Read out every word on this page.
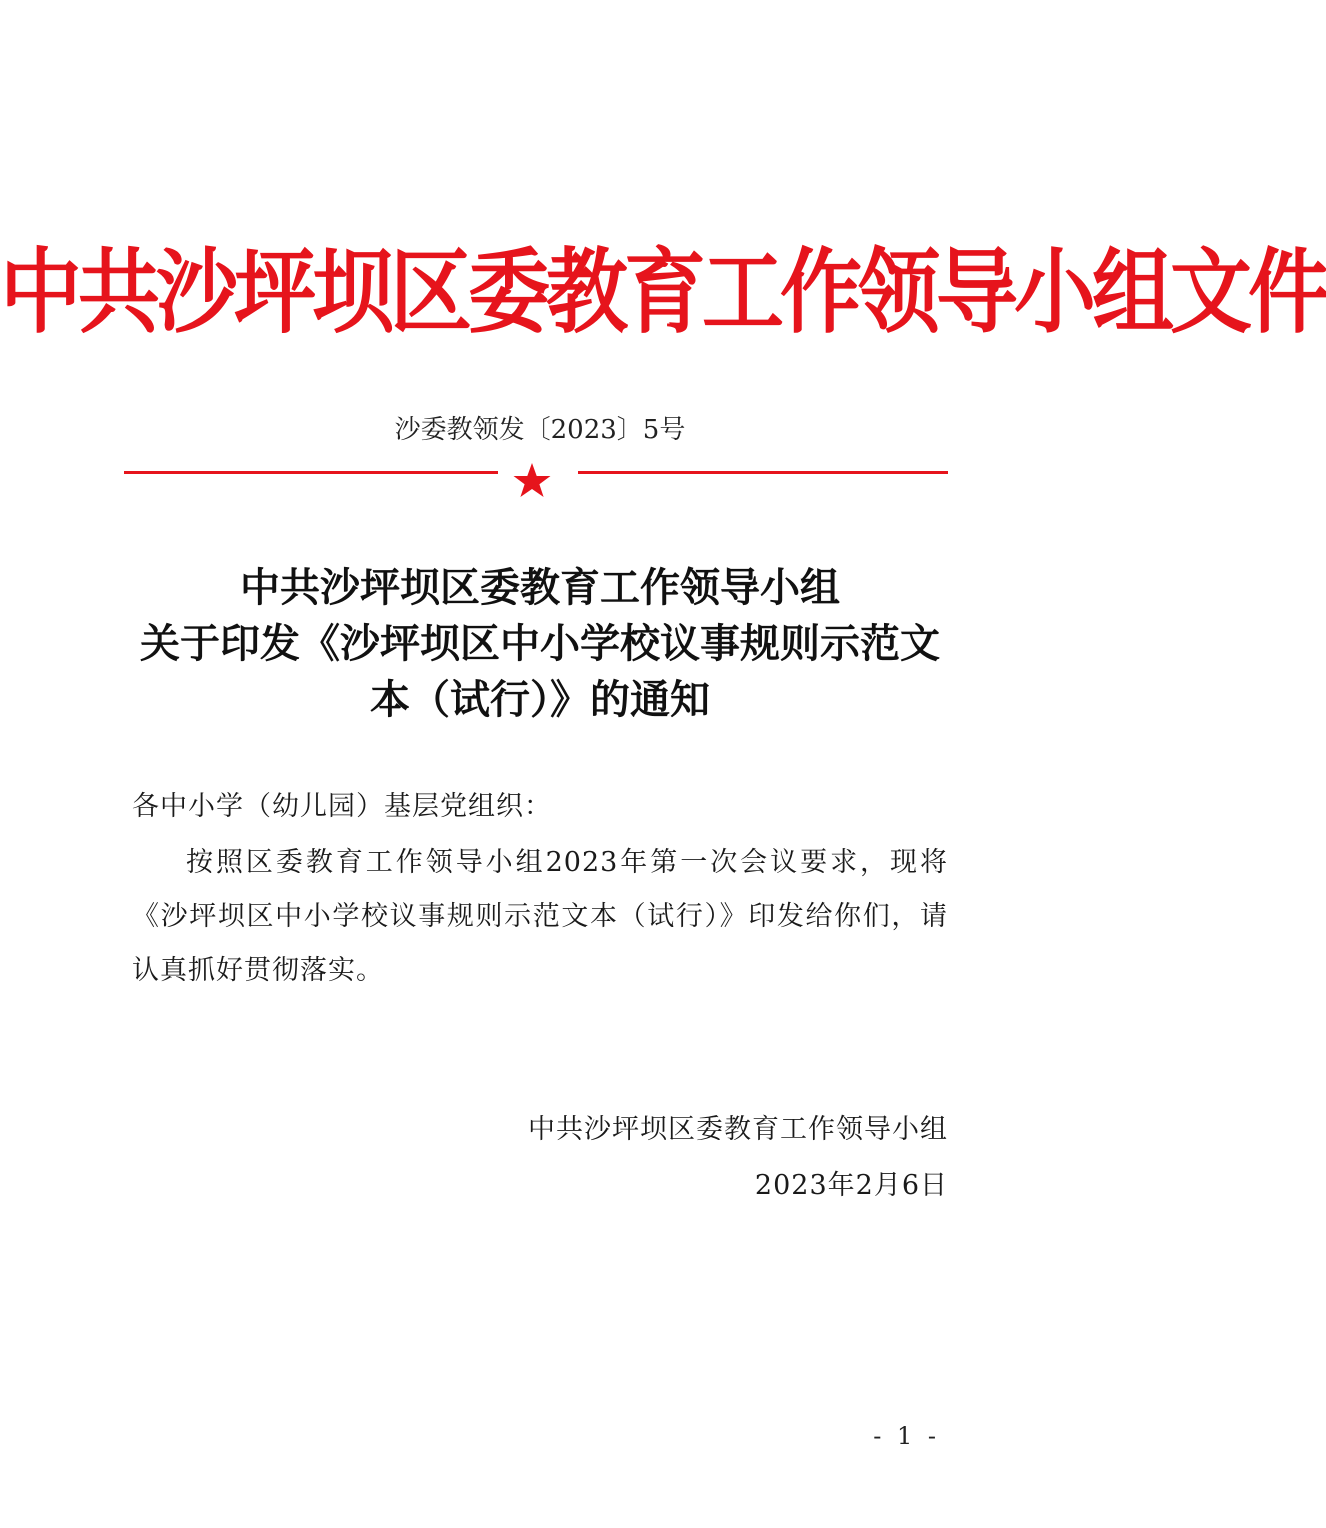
中共沙坪坝区委教育工作领导小组文件
沙委教领发〔2023〕5号
中共沙坪坝区委教育工作领导小组
关于印发《沙坪坝区中小学校议事规则示范文
本（试行）》的通知
各中小学（幼儿园）基层党组织：
按照区委教育工作领导小组2023年第一次会议要求，现将《沙坪坝区中小学校议事规则示范文本（试行）》印发给你们，请认真抓好贯彻落实。
中共沙坪坝区委教育工作领导小组
2023年2月6日
- 1 -
